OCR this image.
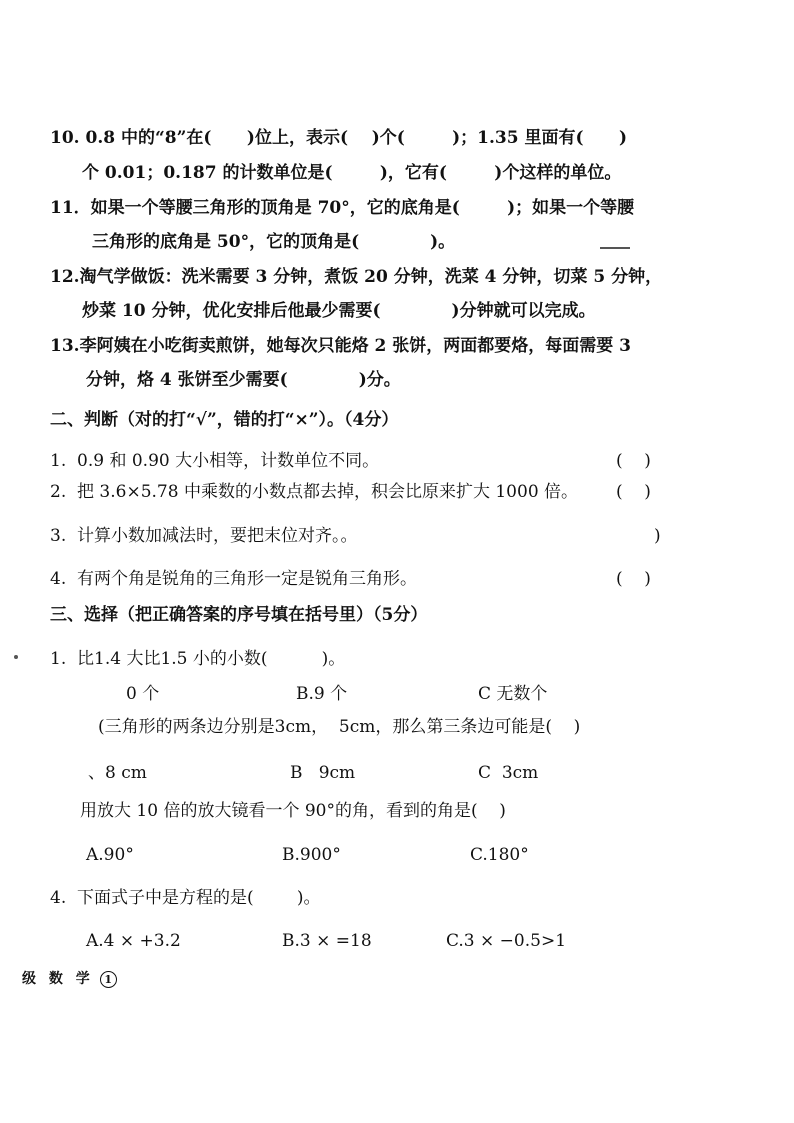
10. 0.8 中的“8”在(      )位上，表示(    )个(        )；1.35 里面有(      )
个 0.01；0.187 的计数单位是(        )，它有(        )个这样的单位。
11．如果一个等腰三角形的顶角是 70°，它的底角是(        )；如果一个等腰
三角形的底角是 50°，它的顶角是(            )。
12.淘气学做饭：洗米需要 3 分钟，煮饭 20 分钟，洗菜 4 分钟，切菜 5 分钟，
炒菜 10 分钟，优化安排后他最少需要(            )分钟就可以完成。
13.李阿姨在小吃街卖煎饼，她每次只能烙 2 张饼，两面都要烙，每面需要 3
分钟，烙 4 张饼至少需要(            )分。
二、判断（对的打“√”，错的打“×”）。（4分）
1.  0.9 和 0.90 大小相等，计数单位不同。	(    )
2.  把 3.6×5.78 中乘数的小数点都去掉，积会比原来扩大 1000 倍。 (    )
3.  计算小数加减法时，要把末位对齐。。	)
4.  有两个角是锐角的三角形一定是锐角三角形。	(    )
三、选择（把正确答案的序号填在括号里）（5分）
1.  比1.4 大比1.5 小的小数(          )。
0 个	B.9 个	C 无数个
(三角形的两条边分别是3cm，  5cm，那么第三条边可能是(    )
、8 cm	B   9cm	C  3cm
用放大 10 倍的放大镜看一个 90°的角，看到的角是(    )
A.90°	B.900°	C.180°
4.  下面式子中是方程的是(        )。
A.4 × +3.2	B.3 × =18	C.3 × −0.5>1
级 数 学 1
